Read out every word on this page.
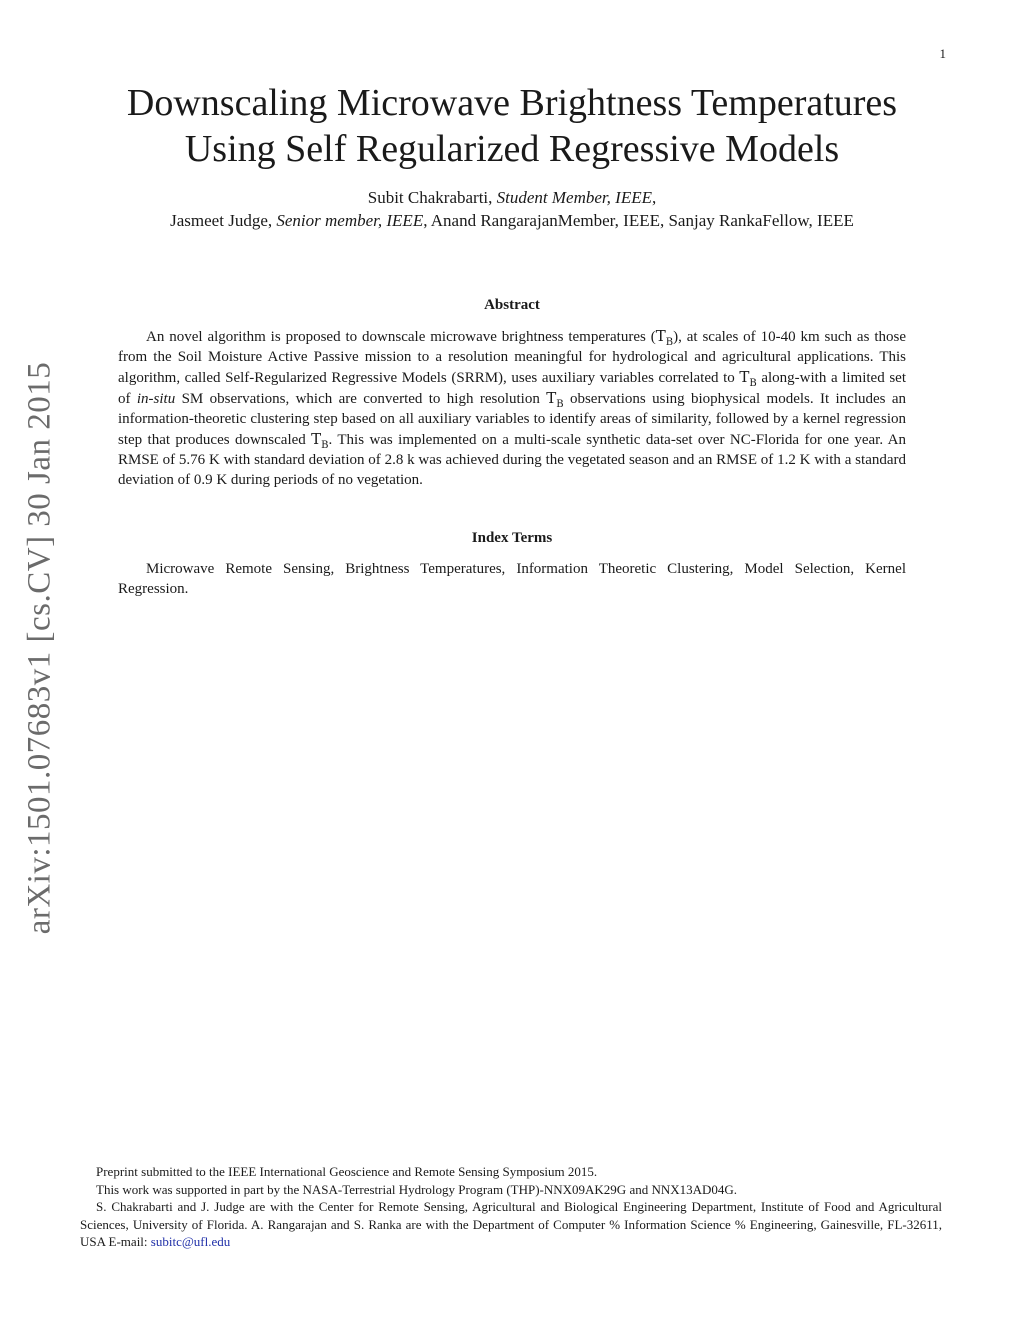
1
arXiv:1501.07683v1 [cs.CV] 30 Jan 2015
Downscaling Microwave Brightness Temperatures
Using Self Regularized Regressive Models
Subit Chakrabarti, Student Member, IEEE,
Jasmeet Judge, Senior member, IEEE, Anand RangarajanMember, IEEE, Sanjay RankaFellow, IEEE
Abstract

An novel algorithm is proposed to downscale microwave brightness temperatures $(T_B)$, at scales of 10-40 km such as those from the Soil Moisture Active Passive mission to a resolution meaningful for hydrological and agricultural applications. This algorithm, called Self-Regularized Regressive Models (SRRM), uses auxiliary variables correlated to $T_B$ along-with a limited set of in-situ SM observations, which are converted to high resolution $T_B$ observations using biophysical models. It includes an information-theoretic clustering step based on all auxiliary variables to identify areas of similarity, followed by a kernel regression step that produces downscaled $T_B$. This was implemented on a multi-scale synthetic data-set over NC-Florida for one year. An RMSE of 5.76 K with standard deviation of 2.8 k was achieved during the vegetated season and an RMSE of 1.2 K with a standard deviation of 0.9 K during periods of no vegetation.

Index Terms

Microwave Remote Sensing, Brightness Temperatures, Information Theoretic Clustering, Model Selection, Kernel Regression.

Preprint submitted to the IEEE International Geoscience and Remote Sensing Symposium 2015.

This work was supported in part by the NASA-Terrestrial Hydrology Program (THP)-NNX09AK29G and NNX13AD04G.

S. Chakrabarti and J. Judge are with the Center for Remote Sensing, Agricultural and Biological Engineering Department, Institute of Food and Agricultural Sciences, University of Florida. A. Rangarajan and S. Ranka are with the Department of Computer % Information Science % Engineering, Gainesville, FL-32611, USA E-mail: subitc@ufl.edu
